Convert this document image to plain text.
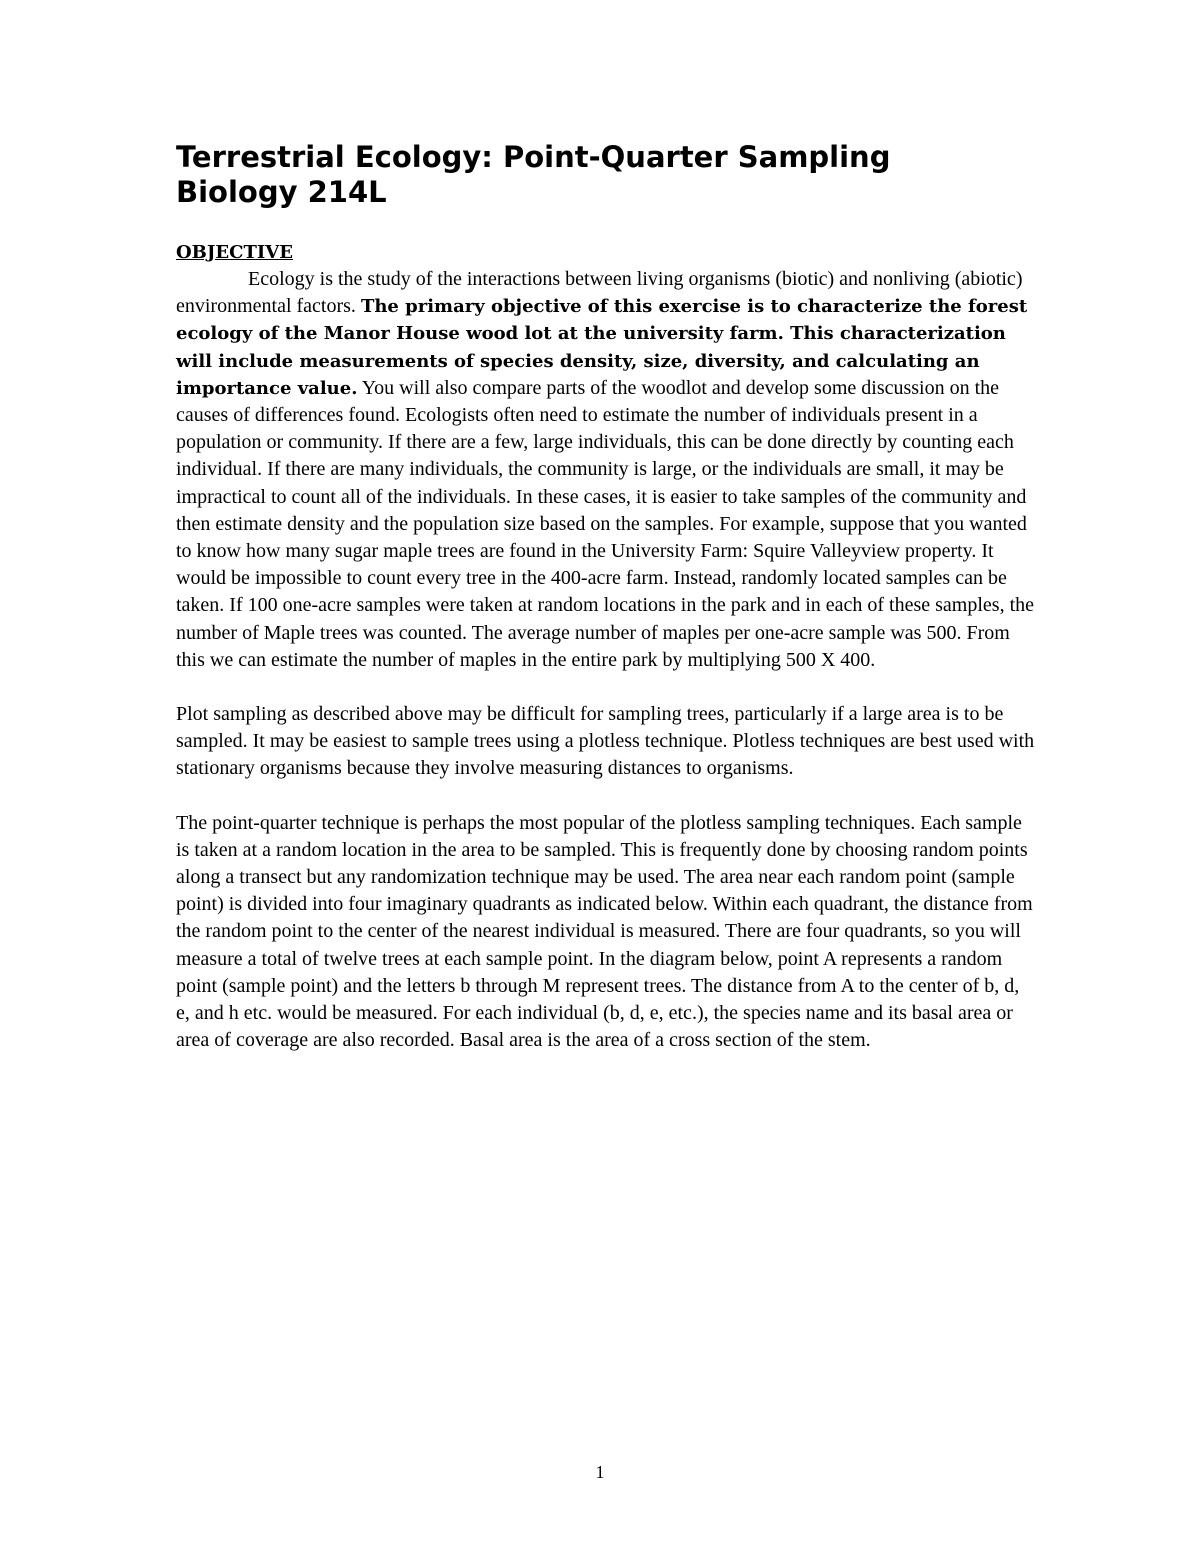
Terrestrial Ecology: Point-Quarter Sampling
Biology 214L
OBJECTIVE

Ecology is the study of the interactions between living organisms (biotic) and nonliving (abiotic) environmental factors. The primary objective of this exercise is to characterize the forest ecology of the Manor House wood lot at the university farm. This characterization will include measurements of species density, size, diversity, and calculating an importance value. You will also compare parts of the woodlot and develop some discussion on the causes of differences found. Ecologists often need to estimate the number of individuals present in a population or community. If there are a few, large individuals, this can be done directly by counting each individual. If there are many individuals, the community is large, or the individuals are small, it may be impractical to count all of the individuals. In these cases, it is easier to take samples of the community and then estimate density and the population size based on the samples. For example, suppose that you wanted to know how many sugar maple trees are found in the University Farm: Squire Valleyview property. It would be impossible to count every tree in the 400-acre farm. Instead, randomly located samples can be taken. If 100 one-acre samples were taken at random locations in the park and in each of these samples, the number of Maple trees was counted. The average number of maples per one-acre sample was 500. From this we can estimate the number of maples in the entire park by multiplying 500 X 400.

Plot sampling as described above may be difficult for sampling trees, particularly if a large area is to be sampled. It may be easiest to sample trees using a plotless technique. Plotless techniques are best used with stationary organisms because they involve measuring distances to organisms.

The point-quarter technique is perhaps the most popular of the plotless sampling techniques. Each sample is taken at a random location in the area to be sampled. This is frequently done by choosing random points along a transect but any randomization technique may be used. The area near each random point (sample point) is divided into four imaginary quadrants as indicated below. Within each quadrant, the distance from the random point to the center of the nearest individual is measured. There are four quadrants, so you will measure a total of twelve trees at each sample point. In the diagram below, point A represents a random point (sample point) and the letters b through M represent trees. The distance from A to the center of b, d, e, and h etc. would be measured. For each individual (b, d, e, etc.), the species name and its basal area or area of coverage are also recorded. Basal area is the area of a cross section of the stem.

1
